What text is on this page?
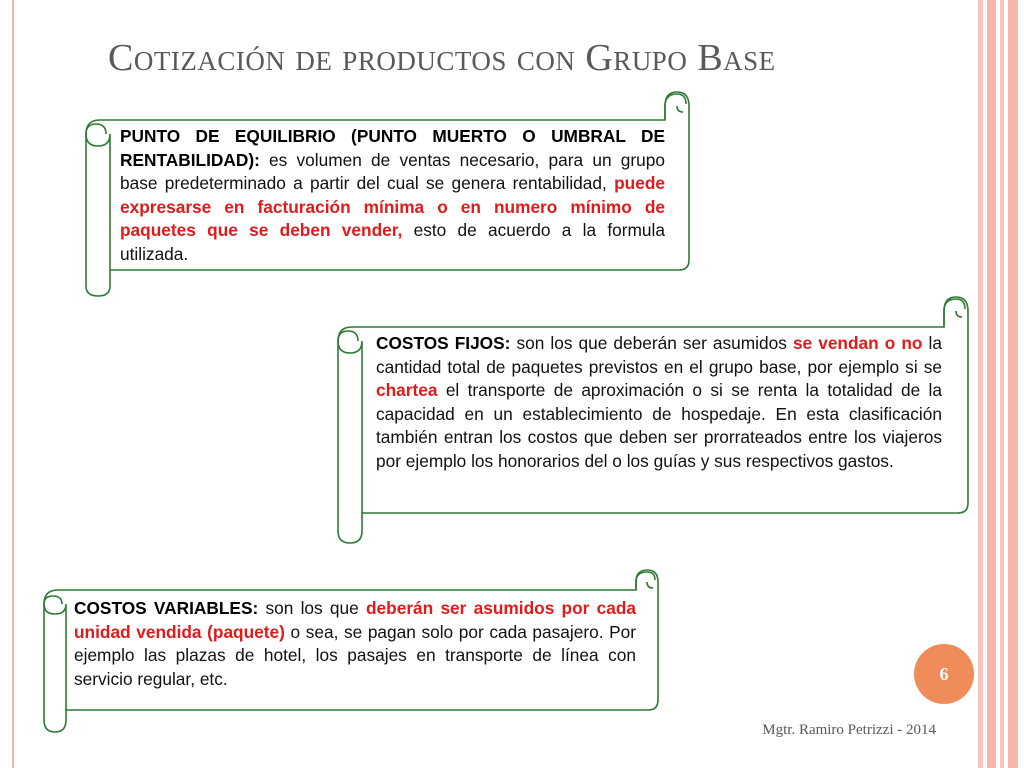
Cotización de productos con Grupo Base

PUNTO DE EQUILIBRIO (PUNTO MUERTO O UMBRAL DE RENTABILIDAD): es volumen de ventas necesario, para un grupo base predeterminado a partir del cual se genera rentabilidad, puede expresarse en facturación mínima o en numero mínimo de paquetes que se deben vender, esto de acuerdo a la formula utilizada.

COSTOS FIJOS: son los que deberán ser asumidos se vendan o no la cantidad total de paquetes previstos en el grupo base, por ejemplo si se chartea el transporte de aproximación o si se renta la totalidad de la capacidad en un establecimiento de hospedaje. En esta clasificación también entran los costos que deben ser prorrateados entre los viajeros por ejemplo los honorarios del o los guías y sus respectivos gastos.

COSTOS VARIABLES: son los que deberán ser asumidos por cada unidad vendida (paquete) o sea, se pagan solo por cada pasajero. Por ejemplo las plazas de hotel, los pasajes en transporte de línea con servicio regular, etc.	6
Mgtr. Ramiro Petrizzi - 2014
